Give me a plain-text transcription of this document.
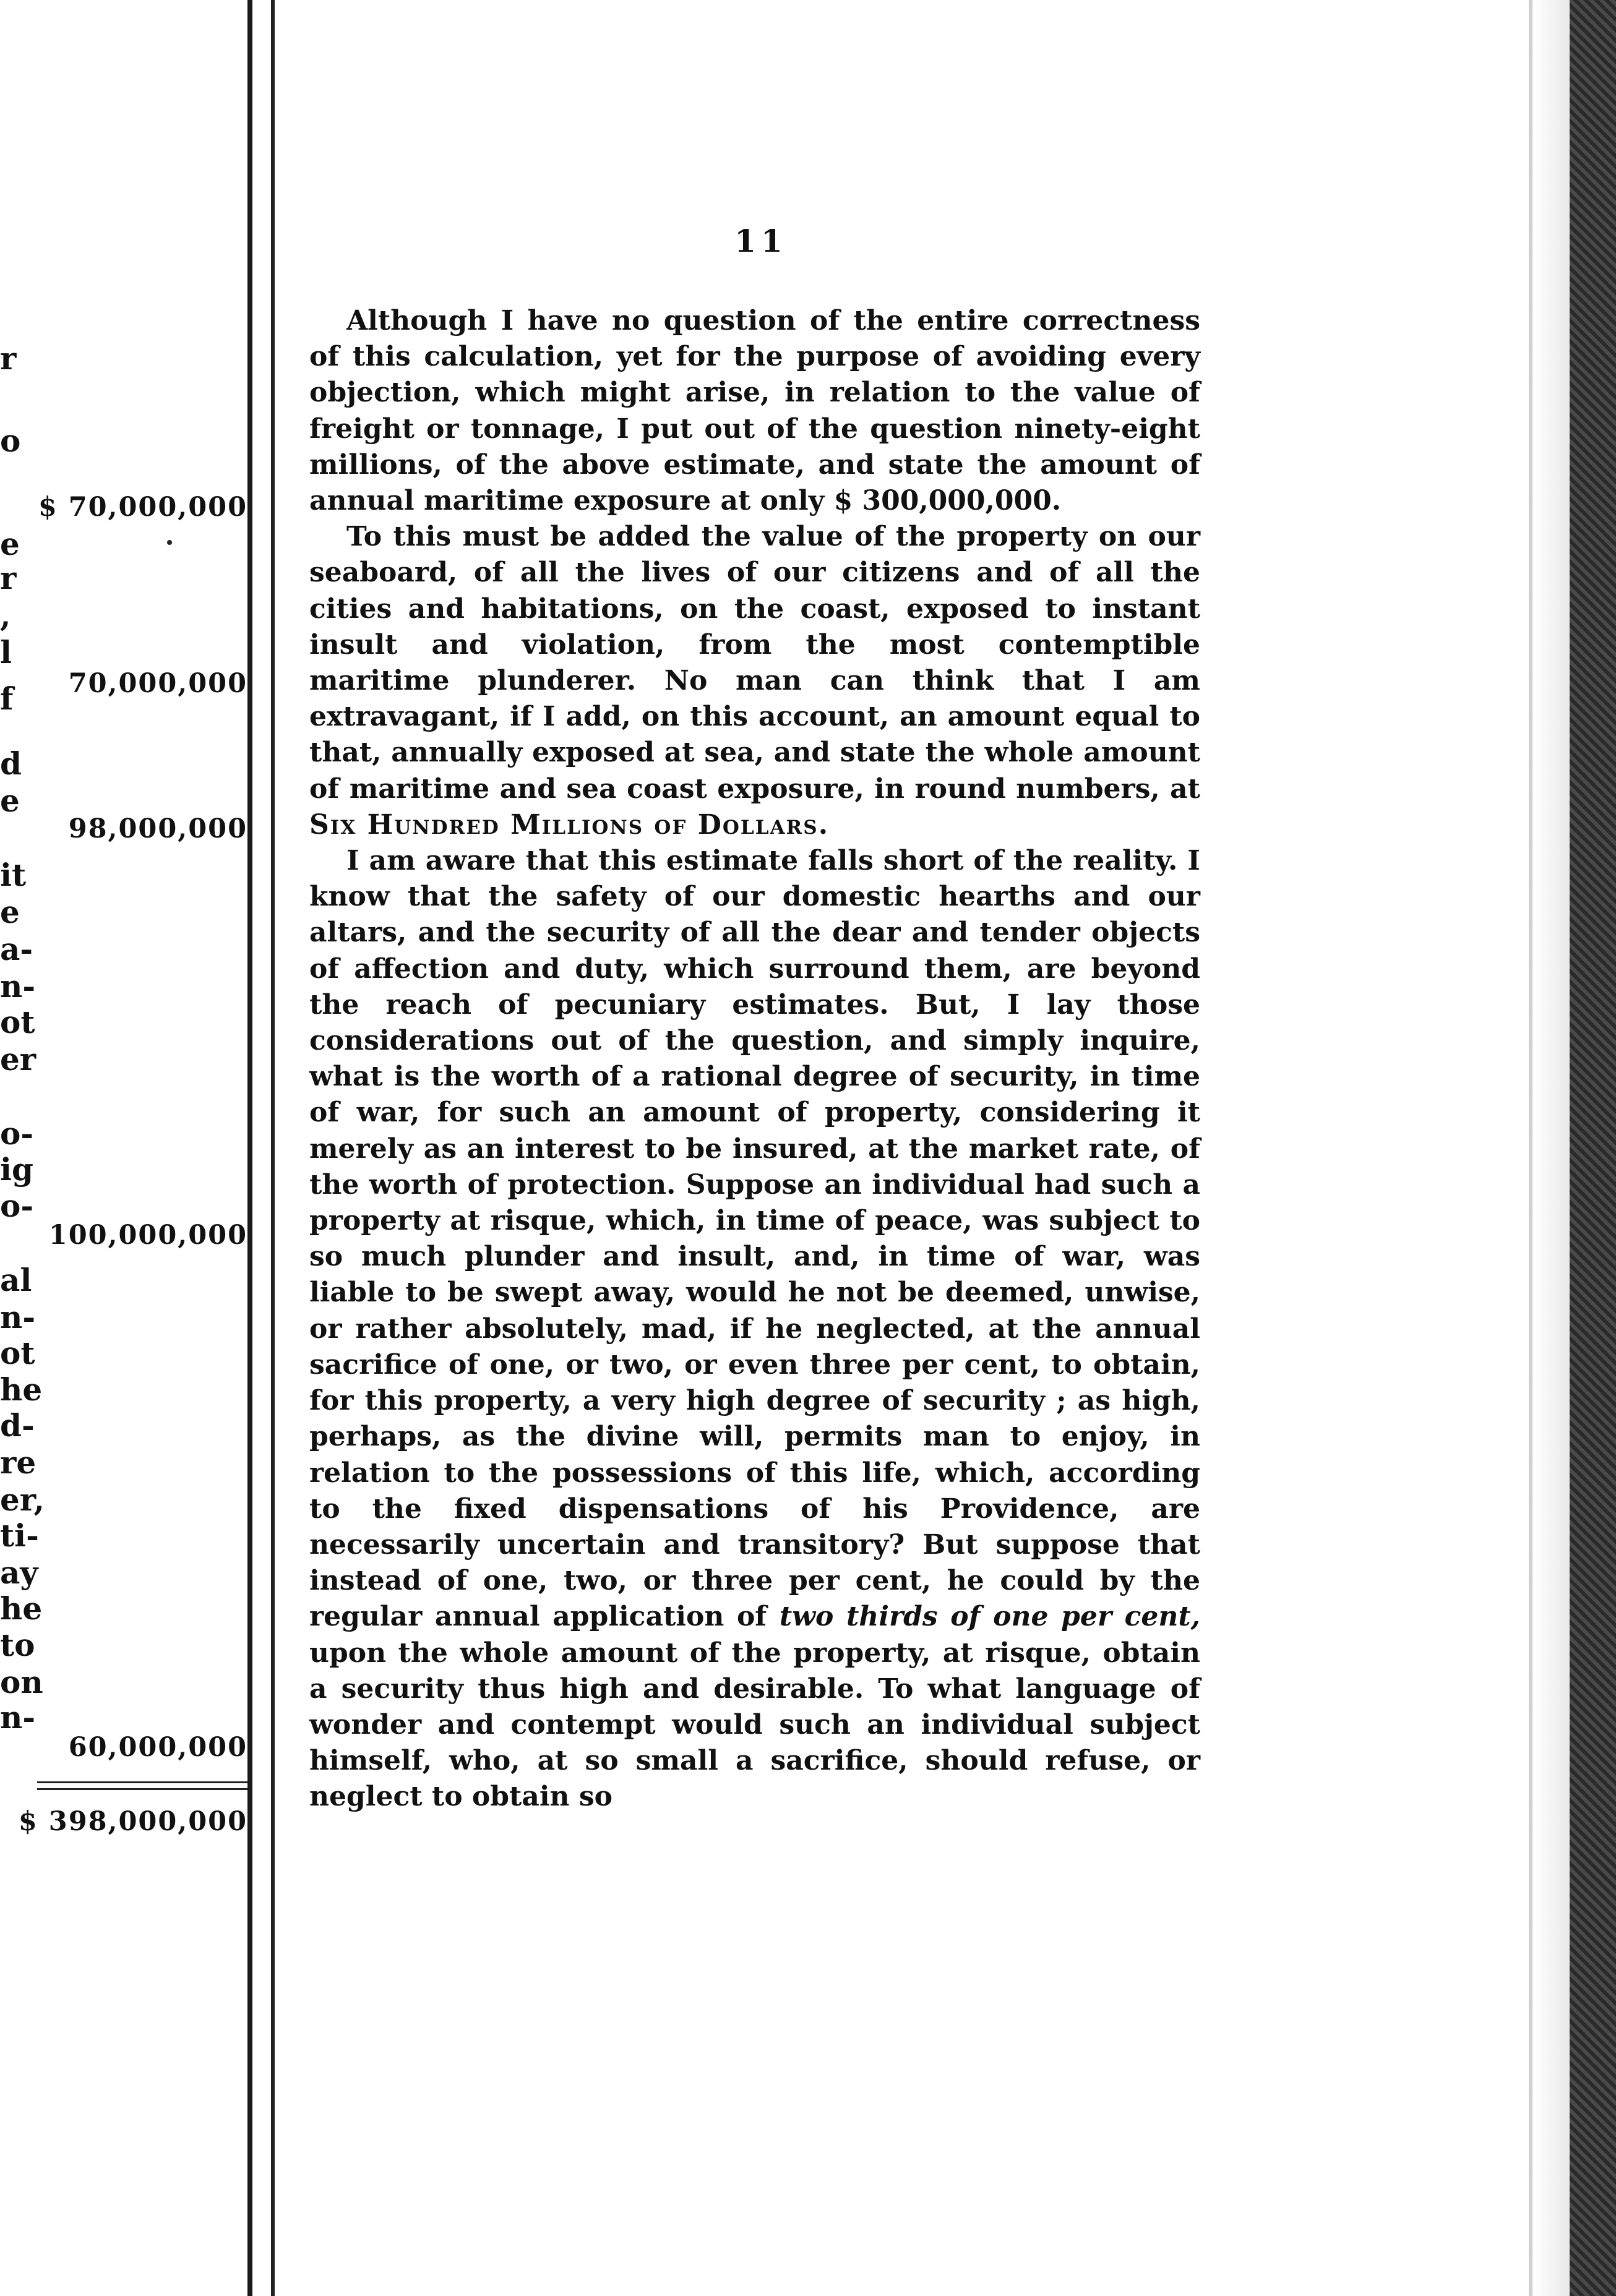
r
o
e
r
,
l
f
d
e
it
e
a-
n-
ot
er
o-
ig
o-
al
n-
ot
he
d-
re
er,
ti-
ay
he
to
on
n-
$ 70,000,000
70,000,000
98,000,000
100,000,000
60,000,000
$ 398,000,000
11

Although I have no question of the entire correctness of this calculation, yet for the purpose of avoiding every objection, which might arise, in relation to the value of freight or tonnage, I put out of the question ninety-eight millions, of the above estimate, and state the amount of annual maritime exposure at only $ 300,000,000.

To this must be added the value of the property on our seaboard, of all the lives of our citizens and of all the cities and habitations, on the coast, exposed to instant insult and violation, from the most contemptible maritime plunderer. No man can think that I am extravagant, if I add, on this account, an amount equal to that, annually exposed at sea, and state the whole amount of maritime and sea coast exposure, in round numbers, at Six Hundred Millions of Dollars.

I am aware that this estimate falls short of the reality. I know that the safety of our domestic hearths and our altars, and the security of all the dear and tender objects of affection and duty, which surround them, are beyond the reach of pecuniary estimates. But, I lay those considerations out of the question, and simply inquire, what is the worth of a rational degree of security, in time of war, for such an amount of property, considering it merely as an interest to be insured, at the market rate, of the worth of protection. Suppose an individual had such a property at risque, which, in time of peace, was subject to so much plunder and insult, and, in time of war, was liable to be swept away, would he not be deemed, unwise, or rather absolutely, mad, if he neglected, at the annual sacrifice of one, or two, or even three per cent, to obtain, for this property, a very high degree of security ; as high, perhaps, as the divine will, permits man to enjoy, in relation to the possessions of this life, which, according to the fixed dispensations of his Providence, are necessarily uncertain and transitory? But suppose that instead of one, two, or three per cent, he could by the regular annual application of two thirds of one per cent, upon the whole amount of the property, at risque, obtain a security thus high and desirable. To what language of wonder and contempt would such an individual subject himself, who, at so small a sacrifice, should refuse, or neglect to obtain so
